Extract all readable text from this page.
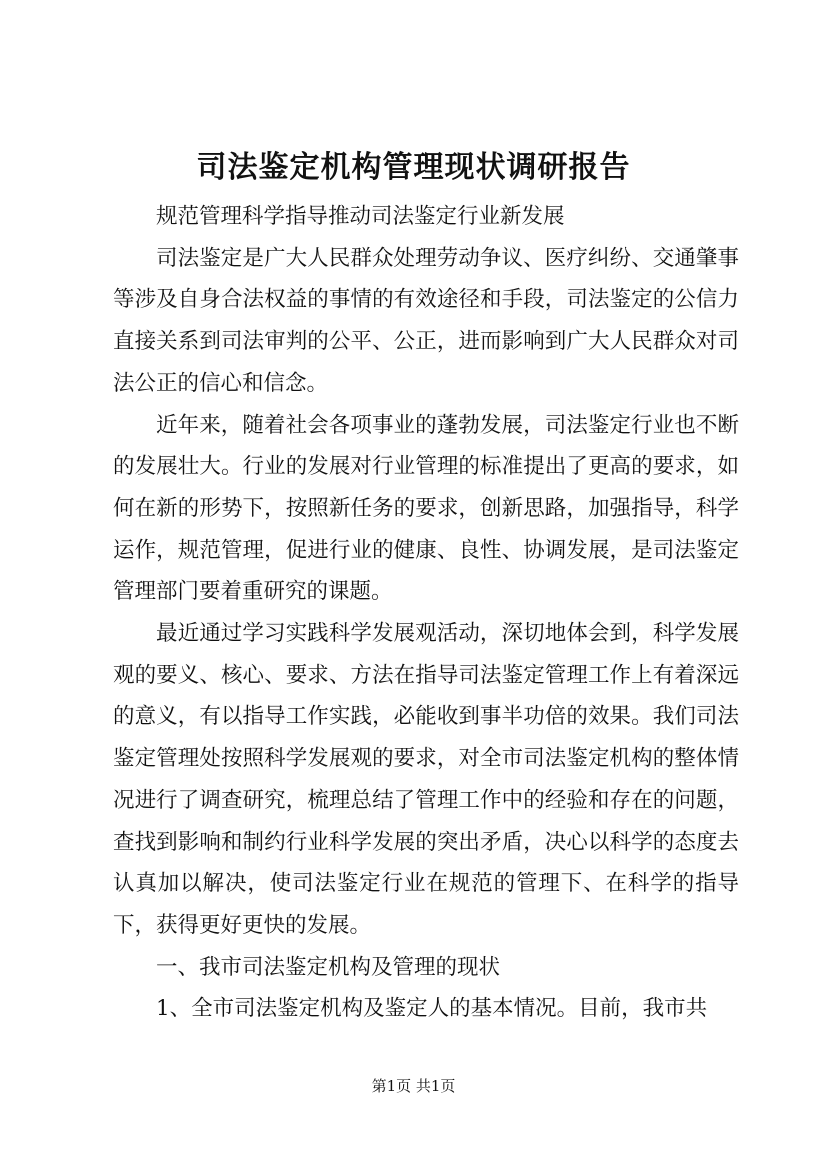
司法鉴定机构管理现状调研报告

规范管理科学指导推动司法鉴定行业新发展

司法鉴定是广大人民群众处理劳动争议、医疗纠纷、交通肇事等涉及自身合法权益的事情的有效途径和手段，司法鉴定的公信力直接关系到司法审判的公平、公正，进而影响到广大人民群众对司法公正的信心和信念。

近年来，随着社会各项事业的蓬勃发展，司法鉴定行业也不断的发展壮大。行业的发展对行业管理的标准提出了更高的要求，如何在新的形势下，按照新任务的要求，创新思路，加强指导，科学运作，规范管理，促进行业的健康、良性、协调发展，是司法鉴定管理部门要着重研究的课题。

最近通过学习实践科学发展观活动，深切地体会到，科学发展观的要义、核心、要求、方法在指导司法鉴定管理工作上有着深远的意义，有以指导工作实践，必能收到事半功倍的效果。我们司法鉴定管理处按照科学发展观的要求，对全市司法鉴定机构的整体情况进行了调查研究，梳理总结了管理工作中的经验和存在的问题，查找到影响和制约行业科学发展的突出矛盾，决心以科学的态度去认真加以解决，使司法鉴定行业在规范的管理下、在科学的指导下，获得更好更快的发展。

一、我市司法鉴定机构及管理的现状

1、全市司法鉴定机构及鉴定人的基本情况。目前，我市共

第1页 共1页
